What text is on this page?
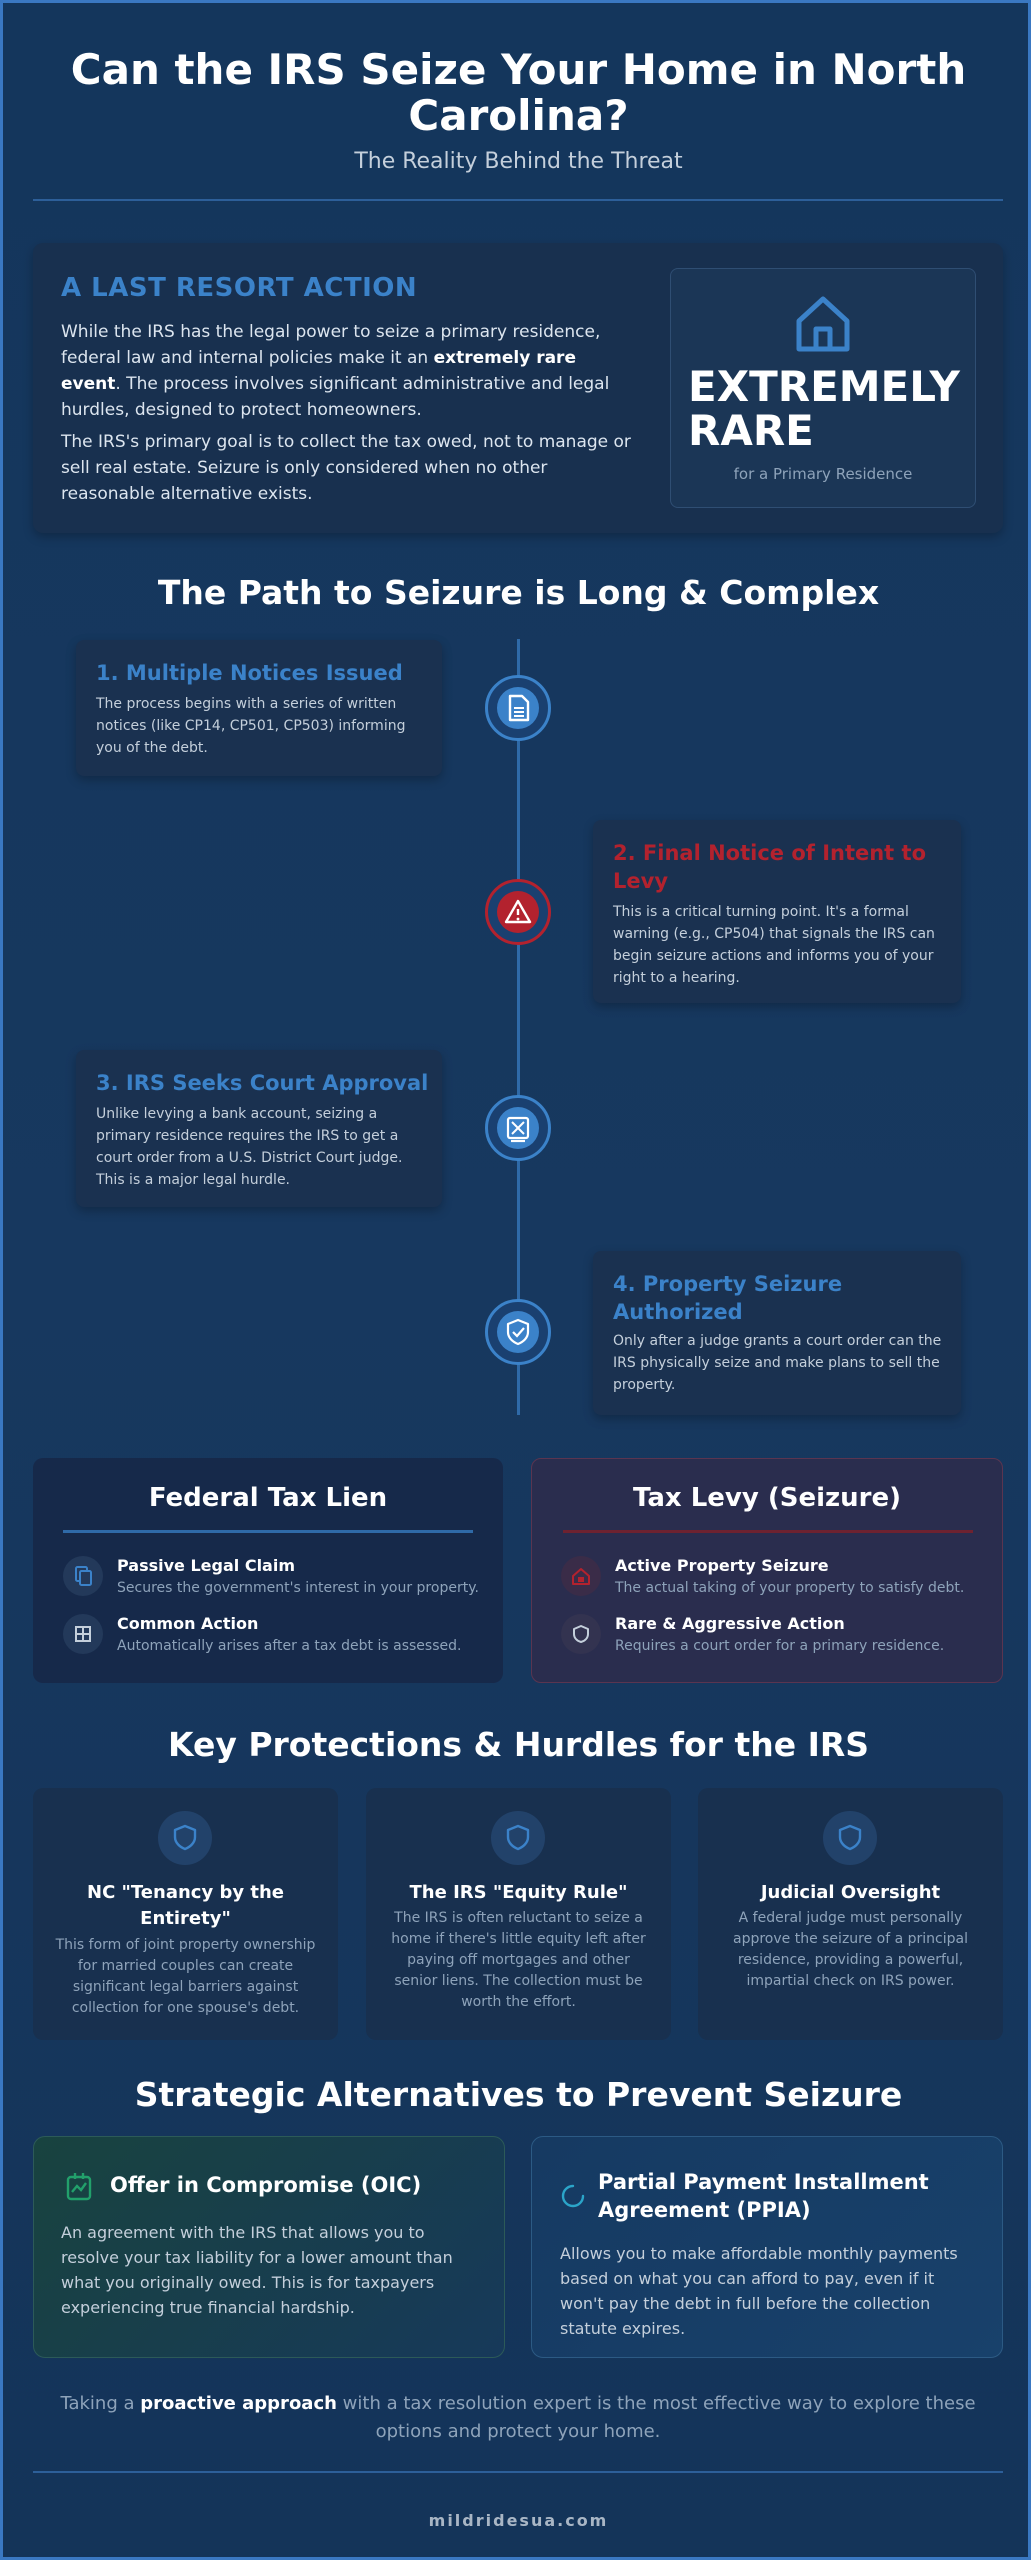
Can the IRS Seize Your Home in North Carolina?
The Reality Behind the Threat
A LAST RESORT ACTION
While the IRS has the legal power to seize a primary residence, federal law and internal policies make it an extremely rare event. The process involves significant administrative and legal hurdles, designed to protect homeowners.
The IRS's primary goal is to collect the tax owed, not to manage or sell real estate. Seizure is only considered when no other reasonable alternative exists.
EXTREMELY
RARE
for a Primary Residence
The Path to Seizure is Long & Complex
1. Multiple Notices Issued
The process begins with a series of written notices (like CP14, CP501, CP503) informing you of the debt.
2. Final Notice of Intent to Levy
This is a critical turning point. It's a formal warning (e.g., CP504) that signals the IRS can begin seizure actions and informs you of your right to a hearing.
3. IRS Seeks Court Approval
Unlike levying a bank account, seizing a primary residence requires the IRS to get a court order from a U.S. District Court judge. This is a major legal hurdle.
4. Property Seizure Authorized
Only after a judge grants a court order can the IRS physically seize and make plans to sell the property.
Federal Tax Lien
Passive Legal Claim
Secures the government's interest in your property.
Common Action
Automatically arises after a tax debt is assessed.
Tax Levy (Seizure)
Active Property Seizure
The actual taking of your property to satisfy debt.
Rare & Aggressive Action
Requires a court order for a primary residence.
Key Protections & Hurdles for the IRS
NC "Tenancy by the Entirety"
This form of joint property ownership for married couples can create significant legal barriers against collection for one spouse's debt.
The IRS "Equity Rule"
The IRS is often reluctant to seize a home if there's little equity left after paying off mortgages and other senior liens. The collection must be worth the effort.
Judicial Oversight
A federal judge must personally approve the seizure of a principal residence, providing a powerful, impartial check on IRS power.
Strategic Alternatives to Prevent Seizure
Offer in Compromise (OIC)
An agreement with the IRS that allows you to resolve your tax liability for a lower amount than what you originally owed. This is for taxpayers experiencing true financial hardship.
Partial Payment Installment Agreement (PPIA)
Allows you to make affordable monthly payments based on what you can afford to pay, even if it won't pay the debt in full before the collection statute expires.
Taking a proactive approach with a tax resolution expert is the most effective way to explore these options and protect your home.
mildridesua.com
